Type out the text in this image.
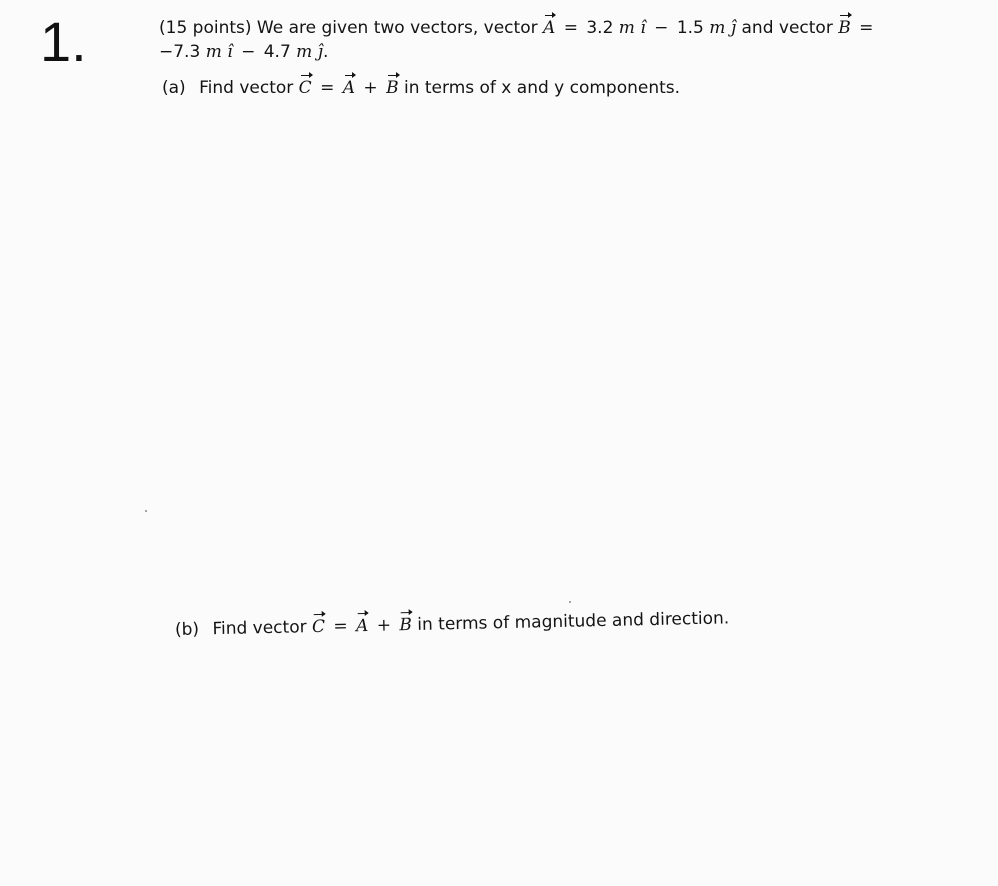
1.	(15 points) We are given two vectors, vector A = 3.2 m î − 1.5 m ĵ and vector B =
−7.3 m î − 4.7 m ĵ.
(a) Find vector C = A + B in terms of x and y components.
(b) Find vector C = A + B in terms of magnitude and direction.
